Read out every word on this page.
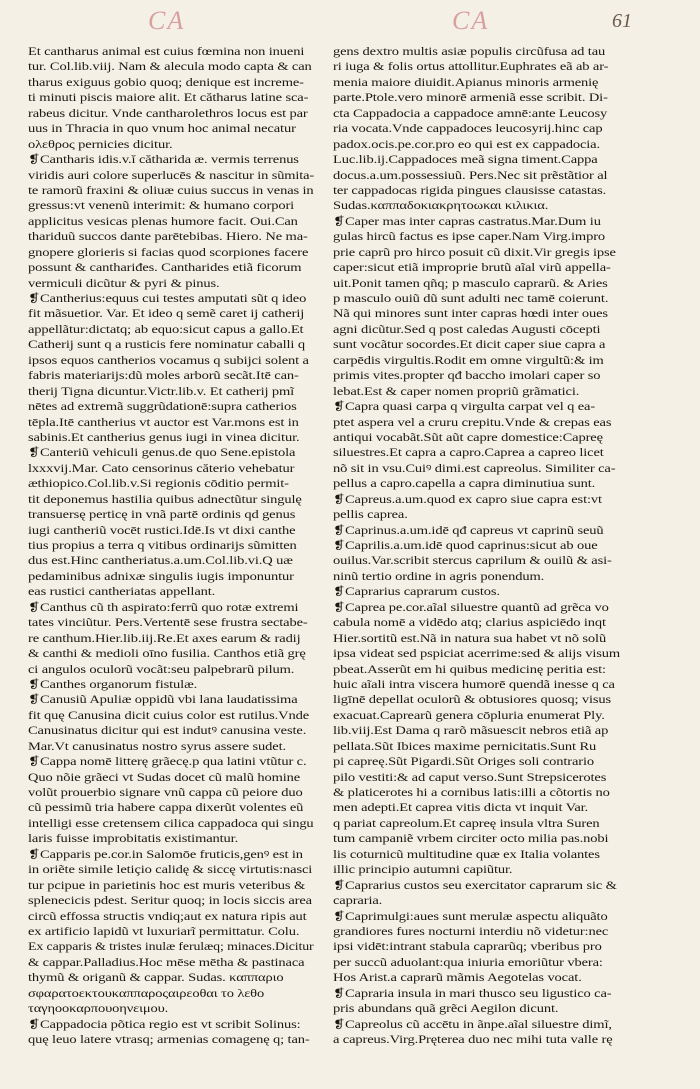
CA	CA	61
Et cantharus animal est cuius fœmina non inueni
tur. Col.lib.viij. Nam & alecula modo capta & can
tharus exiguus gobio quoq; denique est increme-
ti minuti piscis maiore alit. Et cătharus latine sca-
rabeus dicitur. Vnde cantharolethros locus est par
uus in Thracia in quo vnum hoc animal necatur
ολεθρος pernicies dicitur.
❡Cantharis idis.v.ĭ cătharida æ. vermis terrenus
viridis auri colore superlucēs & nascitur in sũmita-
te ramorũ fraxini & oliuæ cuius succus in venas in
gressus:vt venenũ interimit: & humano corpori
applicitus vesicas plenas humore facit. Oui.Can
thariduũ succos dante parētebibas. Hiero. Ne ma-
gnopere glorieris si facias quod scorpiones facere
possunt & canthariđes. Cantharides etiã ficorum
vermiculi dicũtur & pyri & pinus.
❡Cantherius:equus cui testes amputati sũt q ideo
fit mãsuetior. Var. Et ideo q semẽ caret ij catherij
appellãtur:dictatq; ab equo:sicut capus a gallo.Et
Catherij sunt q a rusticis fere nominatur caballi q
ipsos equos cantherios vocamus q subijci solent a
fabris materiarijs:dũ moles arborũ secãt.Itē can-
therij Tigna dicuntur.Victr.lib.v. Et catherij pmĩ
nētes ad extremã suggrũdationē:supra catherios
tēpla.Itē cantherius vt auctor est Var.mons est in
sabinis.Et cantherius genus iugi in vinea dicitur.
❡Canteriũ vehiculi genus.de quo Sene.epistola
lxxxvij.Mar. Cato censorinus căterio vehebatur
æthiopico.Col.lib.v.Si regionis cōditio permit-
tit deponemus hastilia quibus adnectũtur singulę
transuersę perticę in vnã partē ordinis qd genus
iugi cantheriũ vocēt rustici.Idē.Is vt dixi canthe
tius propius a terra q vitibus ordinarijs sũmitten
dus est.Hinc cantheriatus.a.um.Col.lib.vi.Q uæ
pedaminibus adnixæ singulis iugis imponuntur
eas rustici cantheriatas appellant.
❡Canthus cũ th aspirato:ferrũ quo rotæ extremi
tates vinciũtur. Pers.Vertentē sese frustra sectabe-
re canthum.Hier.lib.iij.Re.Et axes earum & radij
& canthi & medioli oīno fusilia. Canthos etiã grę
ci angulos oculorũ vocãt:seu palpebrarũ pilum.
❡Canthes organorum fistulæ.
❡Canusiũ Apuliæ oppidũ vbi lana laudatissima
fit quę Canusina dicit cuius color est rutilus.Vnde
Canusinatus dicitur qui est indutꝰ canusina veste.
Mar.Vt canusinatus nostro syrus assere sudet.
❡Cappa nomē litterę grãecę.p qua latini vtũtur c.
Quo nõie grãeci vt Sudas docet cũ malũ homine
volũt prouerbio signare vnũ cappa cũ peiore duo
cũ pessimũ tria habere cappa dixerũt volentes eũ
intelligi esse cretensem cilica cappadoca qui singu
laris fuisse improbitatis existimantur.
❡Capparis pe.cor.in Salomōe fruticis,genꝰ est in
in oriẽte simile letiçio calidę & siccę virtutis:nasci
tur pcipue in parietinis hoc est muris veteribus &
splenecicis pdest. Seritur quoq; in locis siccis area
circũ effossa structis vndiq;aut ex natura ripis aut
ex artificio lapidũ vt luxuriarĩ permittatur. Colu.
Ex capparis & tristes inulæ ferulæq; minaces.Dicitur
& cappar.Palladius.Hoc mēse mētha & pastinaca
thymũ & origanũ & cappar. Sudas. καππαριο
σφαρατοεκτουκαππαροςαιρεοθαι το λεθο
ταγηοοκαρπουοηνειμου.
❡Cappadocia põtica regio est vt scribit Solinus:
quę leuo latere vtrasq; armenias comagenę q; tan-
gens dextro multis asiæ populis circũfusa ad tau
ri iuga & folis ortus attollitur.Euphrates eã ab ar-
menia maiore diuidit.Apianus minoris armenię
parte.Ptole.vero minorē armeniã esse scribit. Di-
cta Cappadocia a cappadoce amnē:ante Leucosy
ria vocata.Vnde cappadoces leucosyrij.hinc cap
padox.ocis.pe.cor.pro eo qui est ex cappadocia.
Luc.lib.ij.Cappadoces meã signa timent.Cappa
docus.a.um.possessiuũ. Pers.Nec sit prẽstãtior al
ter cappadocas rigida pingues clausisse catastas.
Sudas.καππαδοκιακρητοωκαι κιλικια.
❡Caper mas inter capras castratus.Mar.Dum iu
gulas hircũ factus es ipse caper.Nam Virg.impro
prie caprũ pro hirco posuit cũ dixit.Vir gregis ipse
caper:sicut etiã improprie brutũ aĩal virũ appella-
uit.Ponit tamen qñq; p masculo caprarũ. & Aries
p masculo ouiũ dũ sunt adulti nec tamē coierunt.
Nã qui minores sunt inter capras hœdi inter oues
agni dicũtur.Sed q post caledas Augusti cōcepti
sunt vocãtur socordes.Et dicit caper siue capra a
carpēdis virgultis.Rodit em omne virgultũ:& im
primis vites.propter qđ baccho imolari caper so
lebat.Est & caper nomen propriũ grãmatici.
❡Capra quasi carpa q virgulta carpat vel q ea-
ptet aspera vel a cruru crepitu.Vnde & crepas eas
antiqui vocabãt.Sũt aũt capre domestice:Capreę
siluestres.Et capra a capro.Caprea a capreo licet
nõ sit in vsu.Cuiꝰ dimi.est capreolus. Similiter ca-
pellus a capro.capella a capra diminutiua sunt.
❡Capreus.a.um.quod ex capro siue capra est:vt
pellis caprea.
❡Caprinus.a.um.idē qđ capreus vt caprinũ seuũ
❡Caprilis.a.um.idē quod caprinus:sicut ab oue
ouilus.Var.scribit stercus caprilum & ouilũ & asi-
ninũ tertio ordine in agris ponendum.
❡Caprarius caprarum custos.
❡Caprea pe.cor.aĩal siluestre quantũ ad grẽca vo
cabula nomē a vidēdo atq; clarius aspiciēdo inqt
Hier.sortitũ est.Nã in natura sua habet vt nõ solũ
ipsa videat sed pspiciat acerrime:sed & alijs visum
pbeat.Asserũt em hi quibus medicinę peritia est:
huic aĩali intra viscera humorē quendã inesse q ca
ligīnē depellat oculorũ & obtusiores quosq; visus
exacuat.Caprearũ genera cōpluria enumerat Ply.
lib.viij.Est Dama q rarõ mãsuescit nebros etiã ap
pellata.Sũt Ibices maxime pernicitatis.Sunt Ru
pi capreę.Sũt Pigardi.Sũt Origes soli contrario
pilo vestiti:& ad caput verso.Sunt Strepsicerotes
& platicerotes hi a cornibus latis:illi a cõtortis no
men adepti.Et caprea vitis dicta vt inquit Var.
q pariat capreolum.Et capreę insula vltra Suren
tum campaniẽ vrbem circiter octo milia pas.nobi
lis coturnicũ multitudine quæ ex Italia volantes
illic principio autumni capiũtur.
❡Caprarius custos seu exercitator caprarum sic &
capraria.
❡Caprimulgi:aues sunt merulæ aspectu aliquãto
grandiores fures nocturni interdiu nõ videtur:nec
ipsi vidēt:intrant stabula caprarũq; vberibus pro
per succũ aduolant:qua iniuria emoriũtur vbera:
Hos Arist.a caprarũ mãmis Aegotelas vocat.
❡Capraria insula in mari thusco seu ligustico ca-
pris abundans quã grẽci Aegilon dicunt.
❡Capreolus cũ accētu in ãnpe.aĩal siluestre dimĩ,
a capreus.Virg.Pręterea duo nec mihi tuta valle rę
